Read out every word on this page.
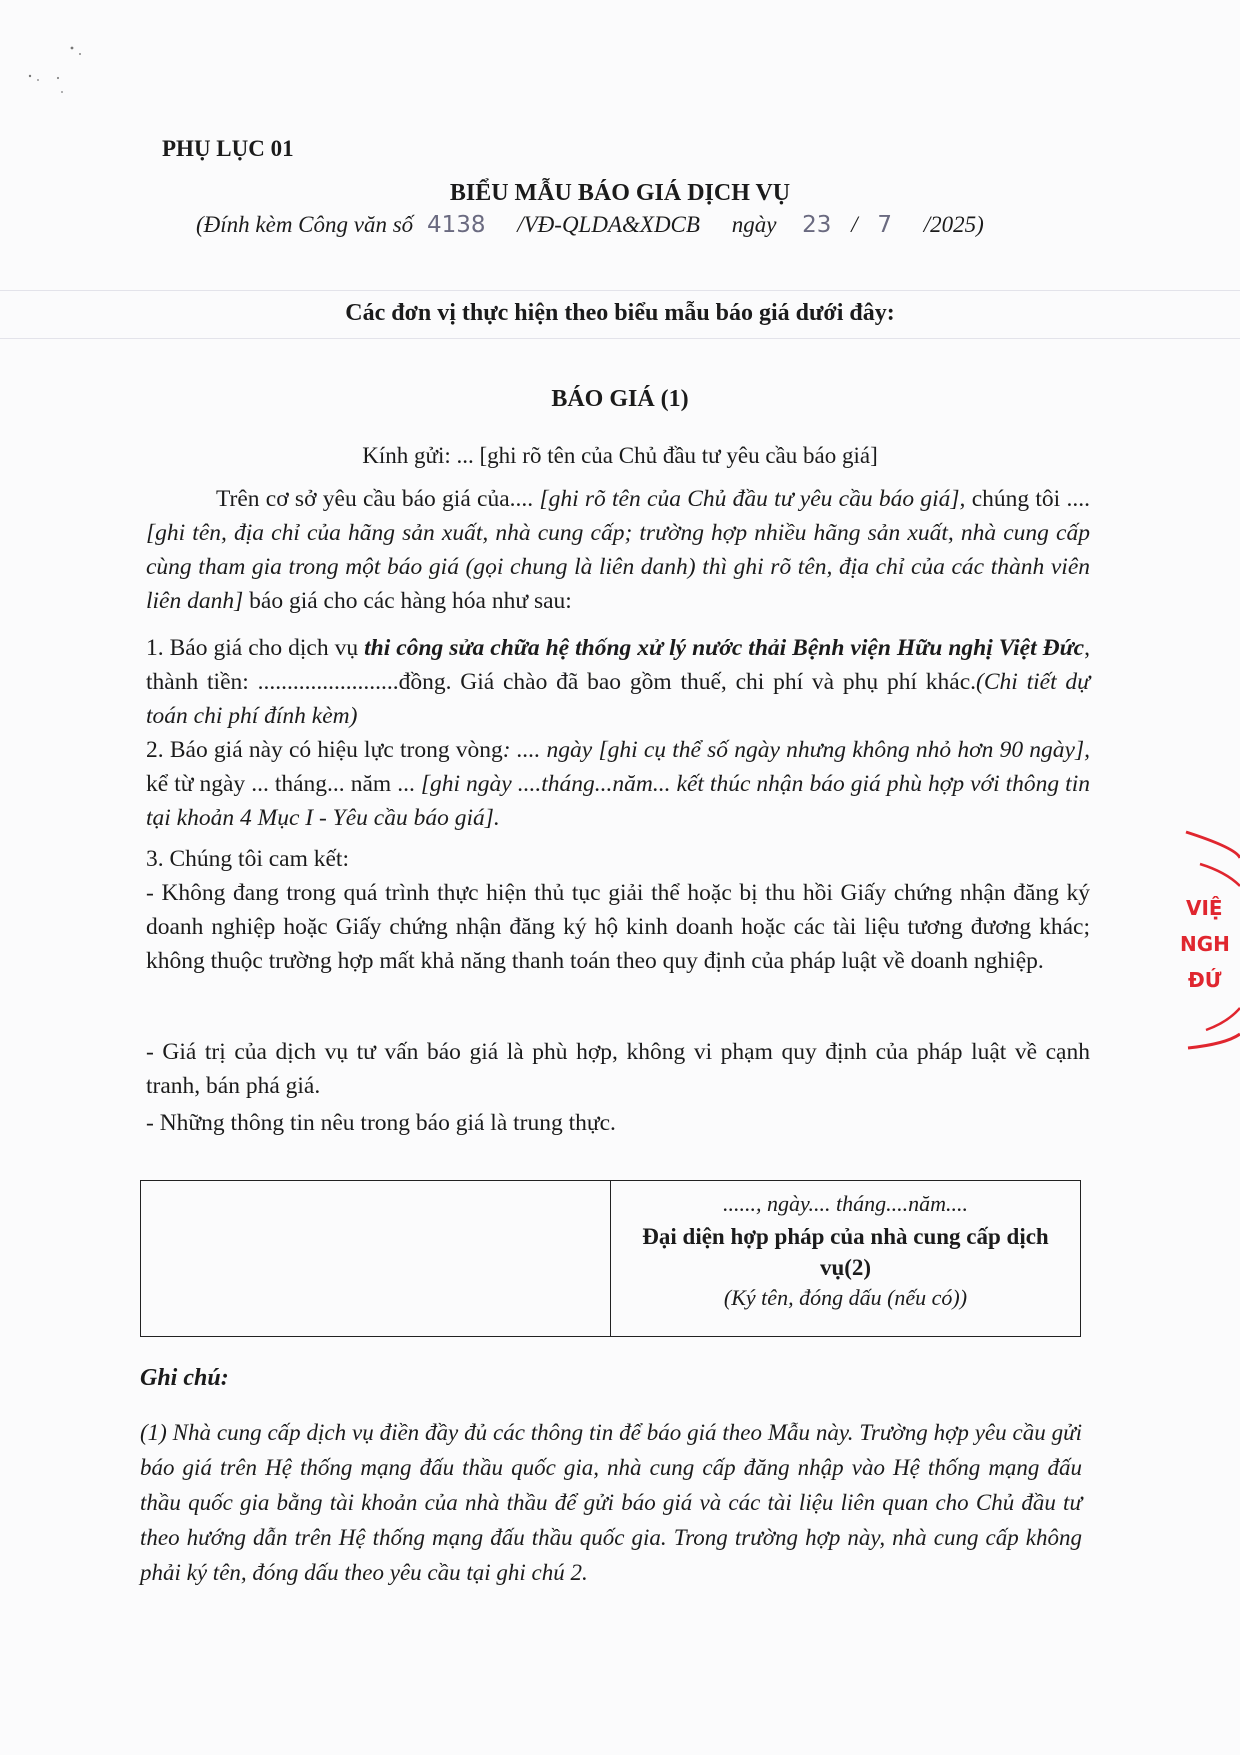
PHỤ LỤC 01
BIỂU MẪU BÁO GIÁ DỊCH VỤ
(Đính kèm Công văn số 4138 /VĐ-QLDA&XDCB ngày 23 / 7 /2025)
Các đơn vị thực hiện theo biểu mẫu báo giá dưới đây:
BÁO GIÁ (1)
Kính gửi: ... [ghi rõ tên của Chủ đầu tư yêu cầu báo giá]
Trên cơ sở yêu cầu báo giá của.... [ghi rõ tên của Chủ đầu tư yêu cầu báo giá], chúng tôi .... [ghi tên, địa chỉ của hãng sản xuất, nhà cung cấp; trường hợp nhiều hãng sản xuất, nhà cung cấp cùng tham gia trong một báo giá (gọi chung là liên danh) thì ghi rõ tên, địa chỉ của các thành viên liên danh] báo giá cho các hàng hóa như sau:
1. Báo giá cho dịch vụ thi công sửa chữa hệ thống xử lý nước thải Bệnh viện Hữu nghị Việt Đức, thành tiền: ........................đồng. Giá chào đã bao gồm thuế, chi phí và phụ phí khác.(Chi tiết dự toán chi phí đính kèm)
2. Báo giá này có hiệu lực trong vòng: .... ngày [ghi cụ thể số ngày nhưng không nhỏ hơn 90 ngày], kể từ ngày ... tháng... năm ... [ghi ngày ....tháng...năm... kết thúc nhận báo giá phù hợp với thông tin tại khoản 4 Mục I - Yêu cầu báo giá].
3. Chúng tôi cam kết:
- Không đang trong quá trình thực hiện thủ tục giải thể hoặc bị thu hồi Giấy chứng nhận đăng ký doanh nghiệp hoặc Giấy chứng nhận đăng ký hộ kinh doanh hoặc các tài liệu tương đương khác; không thuộc trường hợp mất khả năng thanh toán theo quy định của pháp luật về doanh nghiệp.
- Giá trị của dịch vụ tư vấn báo giá là phù hợp, không vi phạm quy định của pháp luật về cạnh tranh, bán phá giá.
- Những thông tin nêu trong báo giá là trung thực.
......, ngày.... tháng....năm....
Đại diện hợp pháp của nhà cung cấp dịch vụ(2)
(Ký tên, đóng dấu (nếu có))
Ghi chú:
(1) Nhà cung cấp dịch vụ điền đầy đủ các thông tin để báo giá theo Mẫu này. Trường hợp yêu cầu gửi báo giá trên Hệ thống mạng đấu thầu quốc gia, nhà cung cấp đăng nhập vào Hệ thống mạng đấu thầu quốc gia bằng tài khoản của nhà thầu để gửi báo giá và các tài liệu liên quan cho Chủ đầu tư theo hướng dẫn trên Hệ thống mạng đấu thầu quốc gia. Trong trường hợp này, nhà cung cấp không phải ký tên, đóng dấu theo yêu cầu tại ghi chú 2.
VIỆ
NGH
ĐỨ
